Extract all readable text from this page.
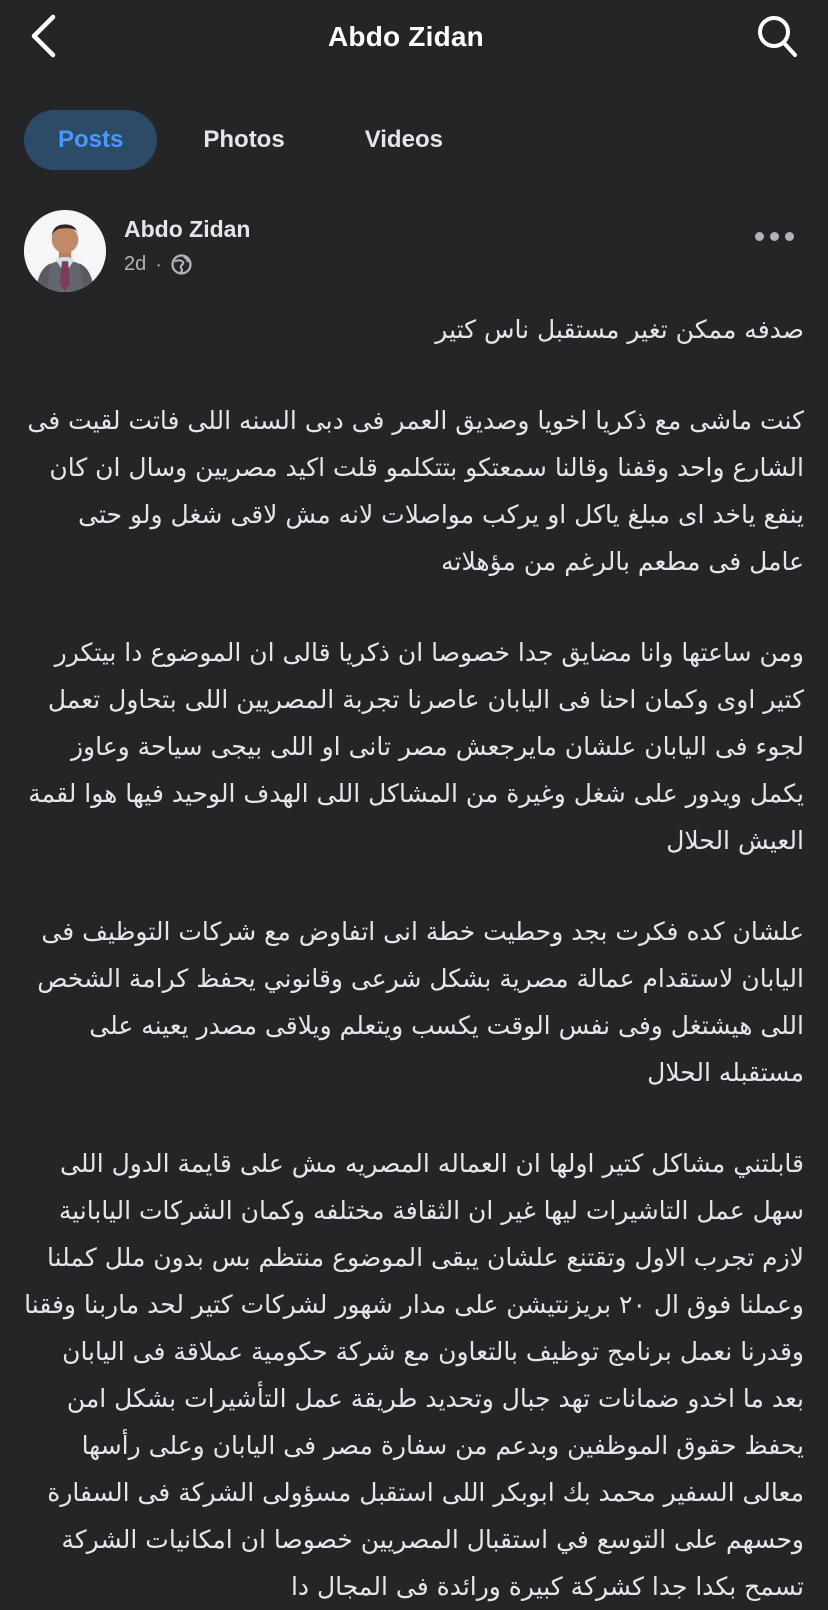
Abdo Zidan
Posts	Photos	Videos
Abdo Zidan
2d ·

صدفه ممكن تغير مستقبل ناس كتير

كنت ماشى مع ذكريا اخويا وصديق العمر فى دبى السنه اللى فاتت لقيت فى الشارع واحد وقفنا وقالنا سمعتكو بتتكلمو قلت اكيد مصريين وسال ان كان ينفع ياخد اى مبلغ ياكل او يركب مواصلات لانه مش لاقى شغل ولو حتى عامل فى مطعم بالرغم من مؤهلاته

ومن ساعتها وانا مضايق جدا خصوصا ان ذكريا قالى ان الموضوع دا بيتكرر كتير اوى وكمان احنا فى اليابان عاصرنا تجربة المصريين اللى بتحاول تعمل لجوء فى اليابان علشان مايرجعش مصر تانى او اللى بيجى سياحة وعاوز يكمل ويدور على شغل وغيرة من المشاكل اللى الهدف الوحيد فيها هوا لقمة العيش الحلال

علشان كده فكرت بجد وحطيت خطة انى اتفاوض مع شركات التوظيف فى اليابان لاستقدام عمالة مصرية بشكل شرعى وقانوني يحفظ كرامة الشخص اللى هيشتغل وفى نفس الوقت يكسب ويتعلم ويلاقى مصدر يعينه على مستقبله الحلال

قابلتني مشاكل كتير اولها ان العماله المصريه مش على قايمة الدول اللى سهل عمل التاشيرات ليها غير ان الثقافة مختلفه وكمان الشركات اليابانية لازم تجرب الاول وتقتنع علشان يبقى الموضوع منتظم بس بدون ملل كملنا وعملنا فوق ال ٢٠ بريزنتيشن على مدار شهور لشركات كتير لحد ماربنا وفقنا وقدرنا نعمل برنامج توظيف بالتعاون مع شركة حكومية عملاقة فى اليابان بعد ما اخدو ضمانات تهد جبال وتحديد طريقة عمل التأشيرات بشكل امن يحفظ حقوق الموظفين وبدعم من سفارة مصر فى اليابان وعلى رأسها معالى السفير محمد بك ابوبكر اللى استقبل مسؤولى الشركة فى السفارة وحسهم على التوسع في استقبال المصريين خصوصا ان امكانيات الشركة تسمح بكدا جدا كشركة كبيرة ورائدة فى المجال دا
